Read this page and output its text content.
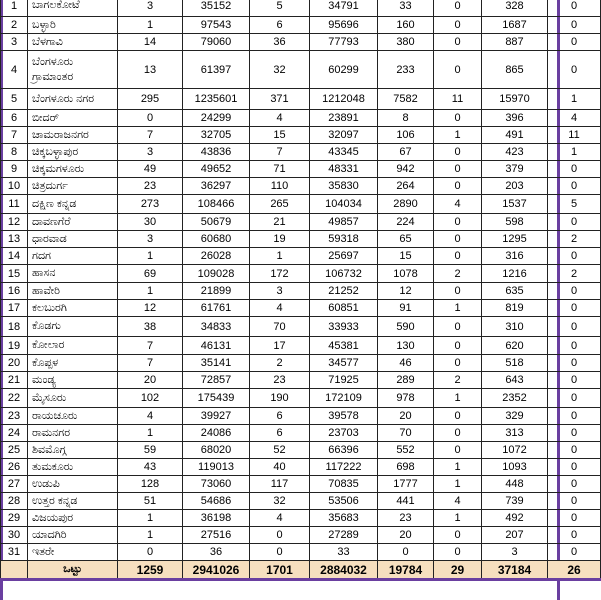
1	ಬಾಗಲಕೋಟೆ	3	35152	5	34791	33	0	328	0
2	ಬಳ್ಳಾರಿ	1	97543	6	95696	160	0	1687	0
3	ಬೆಳಗಾವಿ	14	79060	36	77793	380	0	887	0
4	ಬೆಂಗಳೂರು ಗ್ರಾಮಾಂತರ	13	61397	32	60299	233	0	865	0
5	ಬೆಂಗಳೂರು ನಗರ	295	1235601	371	1212048	7582	11	15970	1
6	ಬೀದರ್	0	24299	4	23891	8	0	396	4
7	ಚಾಮರಾಜನಗರ	7	32705	15	32097	106	1	491	11
8	ಚಿಕ್ಕಬಳ್ಳಾಪುರ	3	43836	7	43345	67	0	423	1
9	ಚಿಕ್ಕಮಗಳೂರು	49	49652	71	48331	942	0	379	0
10	ಚಿತ್ರದುರ್ಗ	23	36297	110	35830	264	0	203	0
11	ದಕ್ಷಿಣ ಕನ್ನಡ	273	108466	265	104034	2890	4	1537	5
12	ದಾವಣಗೆರೆ	30	50679	21	49857	224	0	598	0
13	ಧಾರವಾಡ	3	60680	19	59318	65	0	1295	2
14	ಗದಗ	1	26028	1	25697	15	0	316	0
15	ಹಾಸನ	69	109028	172	106732	1078	2	1216	2
16	ಹಾವೇರಿ	1	21899	3	21252	12	0	635	0
17	ಕಲಬುರಗಿ	12	61761	4	60851	91	1	819	0
18	ಕೊಡಗು	38	34833	70	33933	590	0	310	0
19	ಕೋಲಾರ	7	46131	17	45381	130	0	620	0
20	ಕೊಪ್ಪಳ	7	35141	2	34577	46	0	518	0
21	ಮಂಡ್ಯ	20	72857	23	71925	289	2	643	0
22	ಮೈಸೂರು	102	175439	190	172109	978	1	2352	0
23	ರಾಯಚೂರು	4	39927	6	39578	20	0	329	0
24	ರಾಮನಗರ	1	24086	6	23703	70	0	313	0
25	ಶಿವಮೊಗ್ಗ	59	68020	52	66396	552	0	1072	0
26	ತುಮಕೂರು	43	119013	40	117222	698	1	1093	0
27	ಉಡುಪಿ	128	73060	117	70835	1777	1	448	0
28	ಉತ್ತರ ಕನ್ನಡ	51	54686	32	53506	441	4	739	0
29	ವಿಜಯಪುರ	1	36198	4	35683	23	1	492	0
30	ಯಾದಗಿರಿ	1	27516	0	27289	20	0	207	0
31	ಇತರೇ	0	36	0	33	0	0	3	0
	ಒಟ್ಟು	1259	2941026	1701	2884032	19784	29	37184	26
